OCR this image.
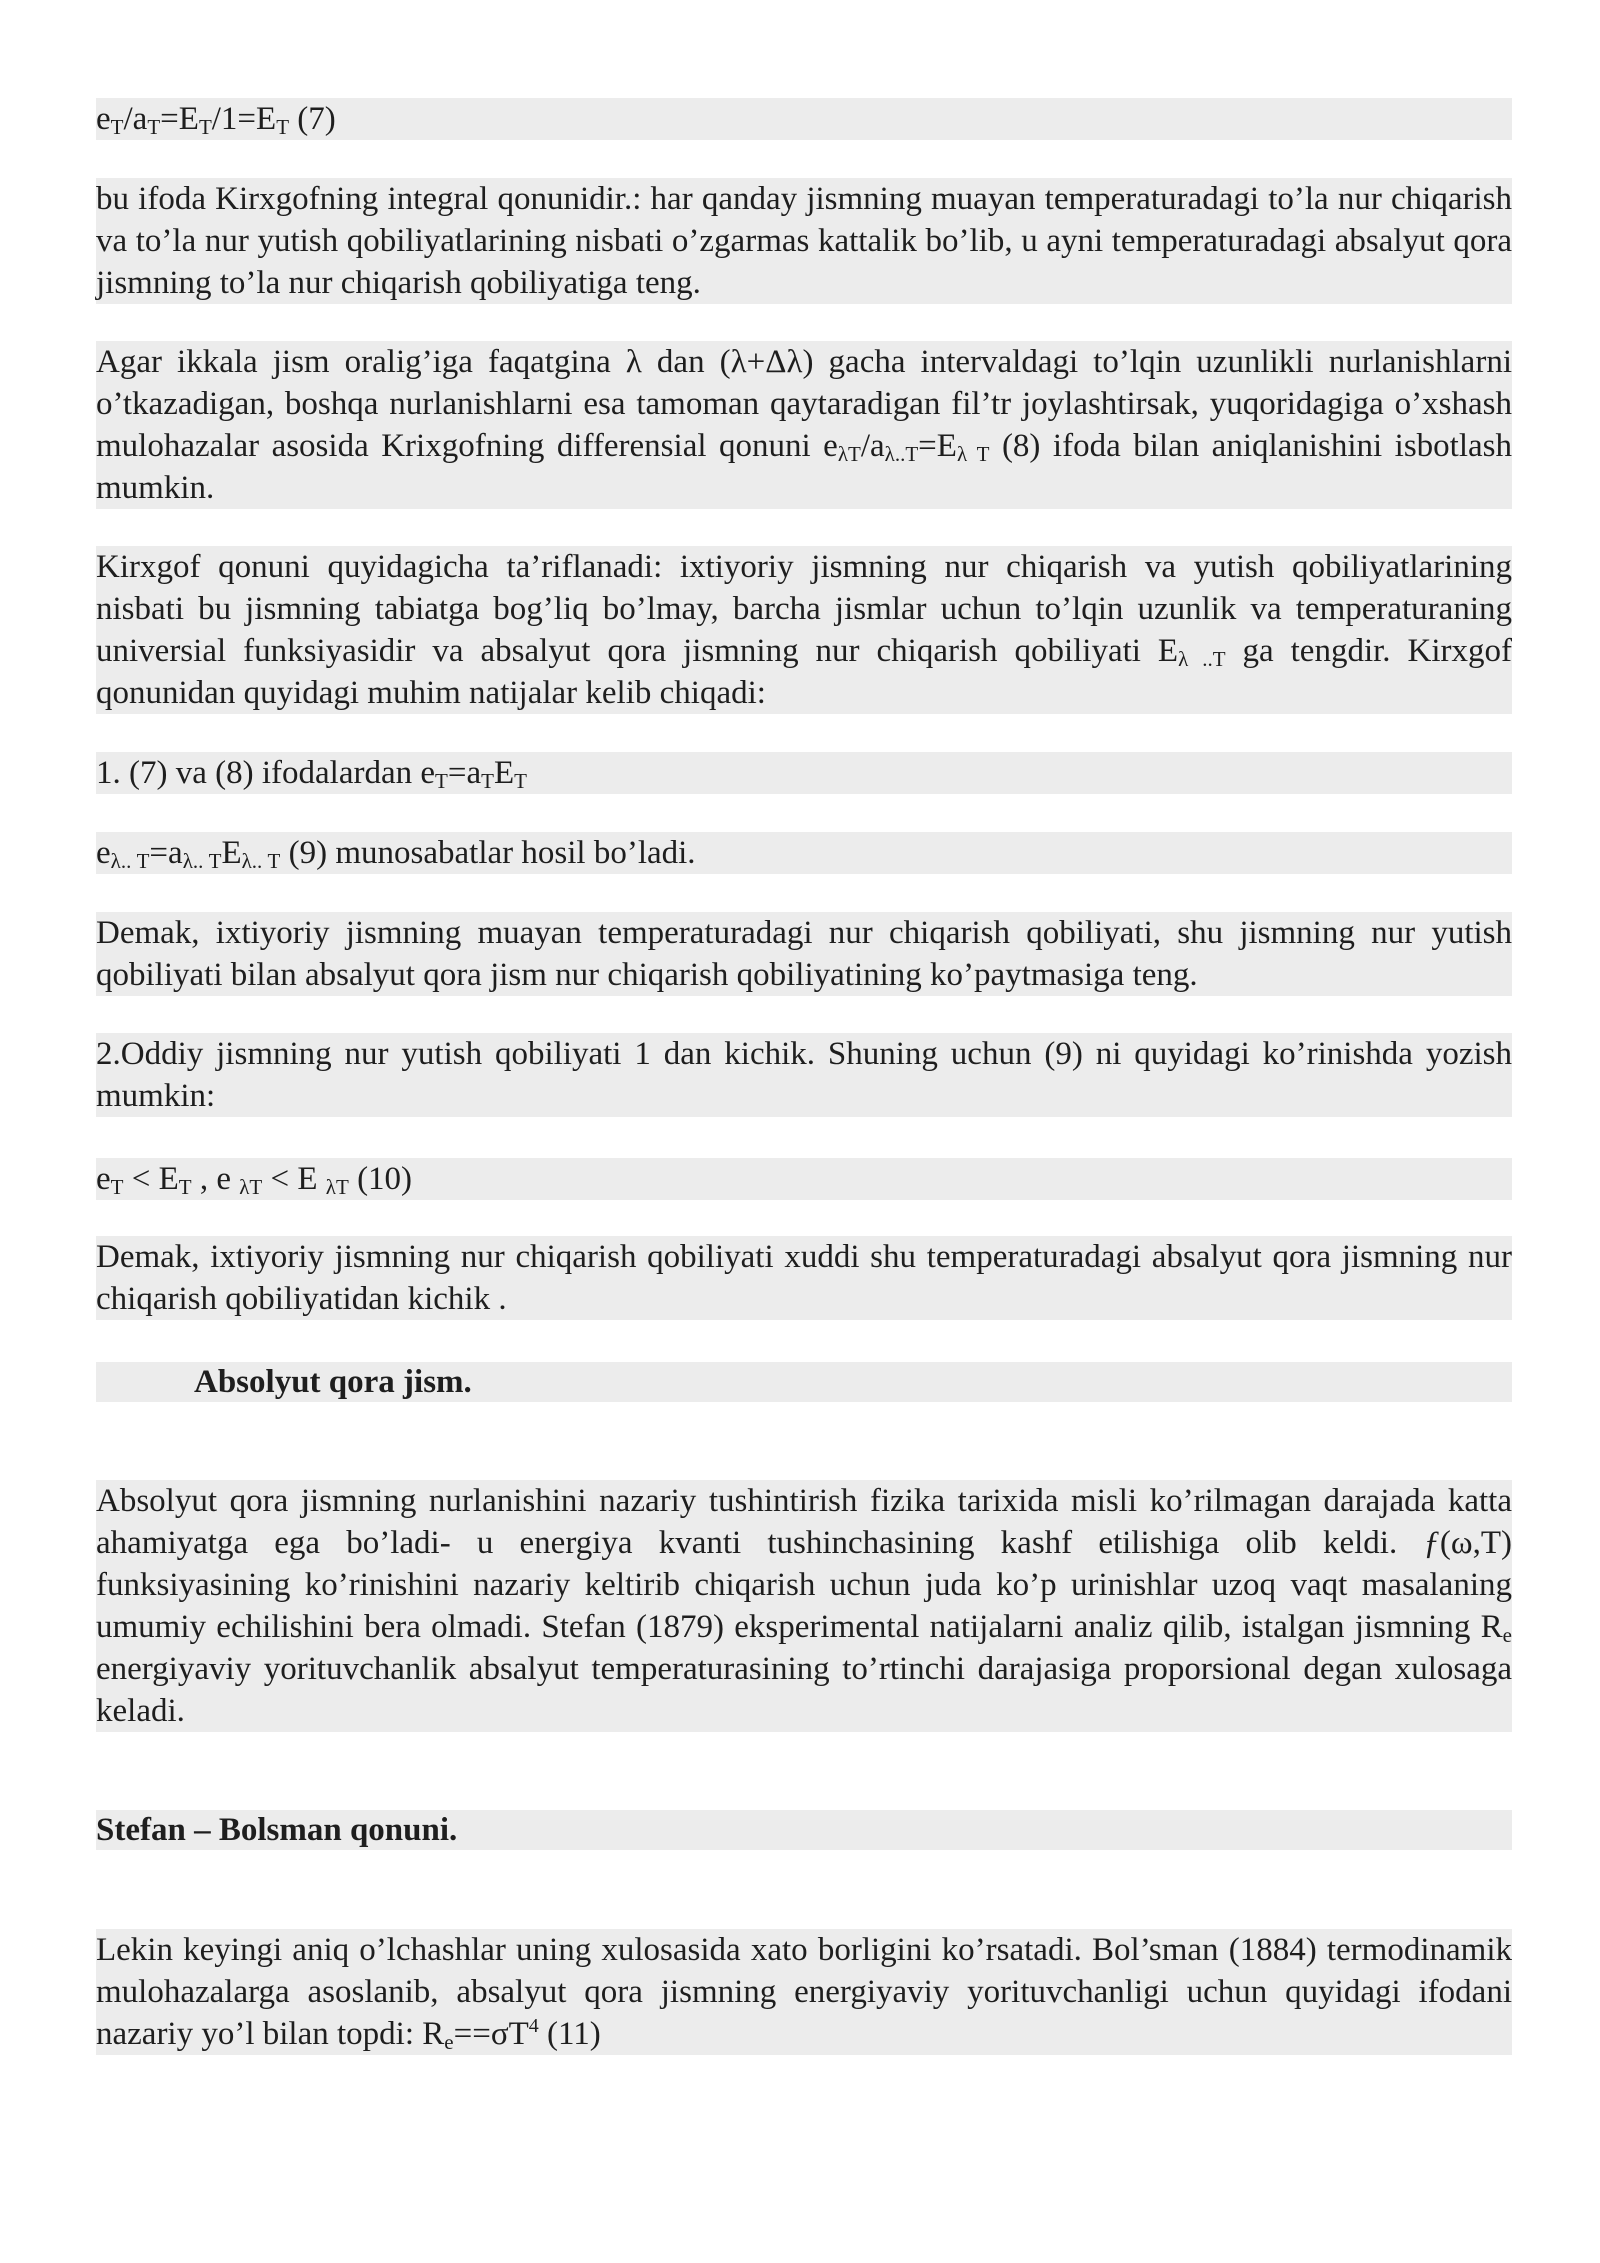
$e_T/a_T=E_T/1=E_T$ (7)

bu ifoda Kirxgofning integral qonunidir.: har qanday jismning muayan temperaturadagi to’la nur chiqarish va to’la nur yutish qobiliyatlarining nisbati o’zgarmas kattalik bo’lib, u ayni temperaturadagi absalyut qora jismning to’la nur chiqarish qobiliyatiga teng.

Agar ikkala jism oralig’iga faqatgina λ dan (λ+Δλ) gacha intervaldagi to’lqin uzunlikli nurlanishlarni o’tkazadigan, boshqa nurlanishlarni esa tamoman qaytaradigan fil’tr joylashtirsak, yuqoridagiga o’xshash mulohazalar asosida Krixgofning differensial qonuni $e_{\lambda T}/a_{\lambda..T}=E_{\lambda T}$ (8) ifoda bilan aniqlanishini isbotlash mumkin.

Kirxgof qonuni quyidagicha ta’riflanadi: ixtiyoriy jismning nur chiqarish va yutish qobiliyatlarining nisbati bu jismning tabiatga bog’liq bo’lmay, barcha jismlar uchun to’lqin uzunlik va temperaturaning universial funksiyasidir va absalyut qora jismning nur chiqarish qobiliyati $E_{\lambda ..T}$ ga tengdir. Kirxgof qonunidan quyidagi muhim natijalar kelib chiqadi:

1. (7) va (8) ifodalardan $e_T=a_TE_T$

$e_{\lambda.. T}=a_{\lambda.. T}E_{\lambda.. T}$ (9) munosabatlar hosil bo’ladi.

Demak, ixtiyoriy jismning muayan temperaturadagi nur chiqarish qobiliyati, shu jismning nur yutish qobiliyati bilan absalyut qora jism nur chiqarish qobiliyatining ko’paytmasiga teng.

2.Oddiy jismning nur yutish qobiliyati 1 dan kichik. Shuning uchun (9) ni quyidagi ko’rinishda yozish mumkin:

$e_T < E_T$ , e $_{\lambda T}$ < E $_{\lambda T}$ (10)

Demak, ixtiyoriy jismning nur chiqarish qobiliyati xuddi shu temperaturadagi absalyut qora jismning nur chiqarish qobiliyatidan kichik .

Absolyut qora jism.

Absolyut qora jismning nurlanishini nazariy tushintirish fizika tarixida misli ko’rilmagan darajada katta ahamiyatga ega bo’ladi- u energiya kvanti tushinchasining kashf etilishiga olib keldi. ƒ(ω,T) funksiyasining ko’rinishini nazariy keltirib chiqarish uchun juda ko’p urinishlar uzoq vaqt masalaning umumiy echilishini bera olmadi. Stefan (1879) eksperimental natijalarni analiz qilib, istalgan jismning $R_e$ energiyaviy yorituvchanlik absalyut temperaturasining to’rtinchi darajasiga proporsional degan xulosaga keladi.

Stefan – Bolsman qonuni.

Lekin keyingi aniq o’lchashlar uning xulosasida xato borligini ko’rsatadi. Bol’sman (1884) termodinamik mulohazalarga asoslanib, absalyut qora jismning energiyaviy yorituvchanligi uchun quyidagi ifodani nazariy yo’l bilan topdi: $R_e==\sigma T^4$ (11)
